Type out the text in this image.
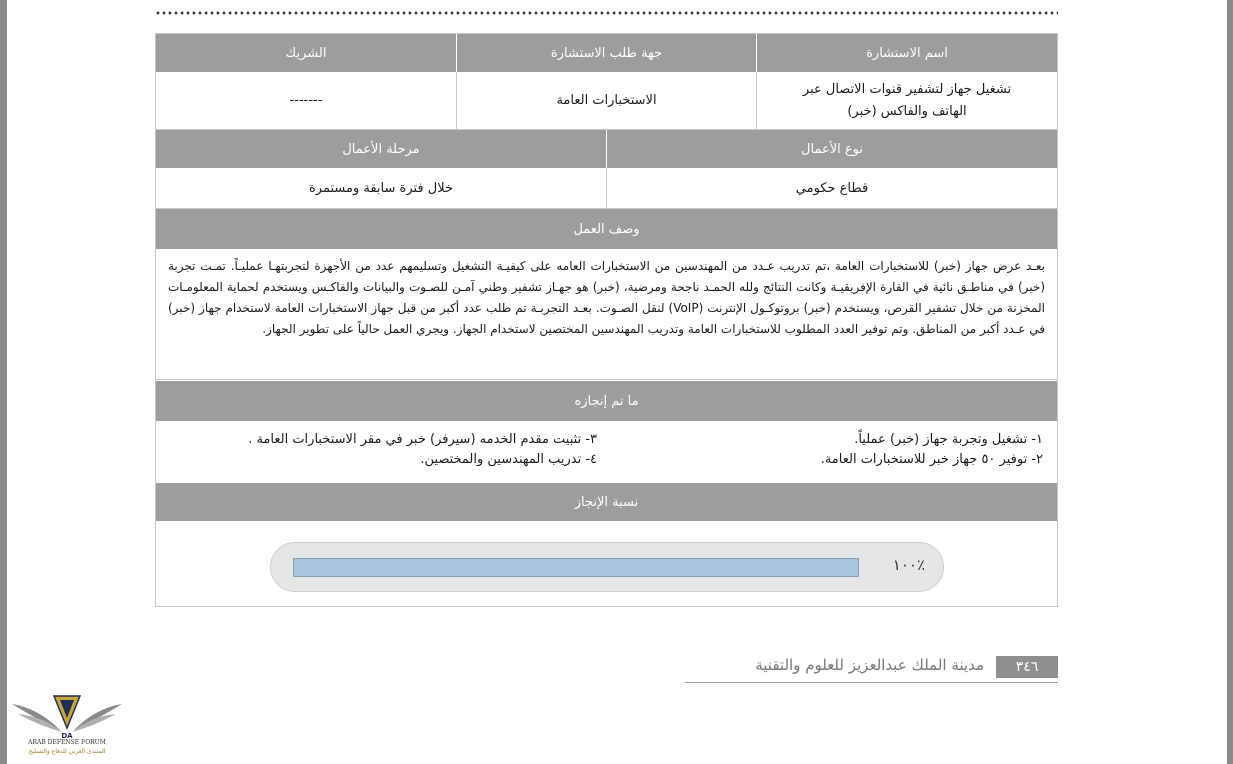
اسم الاستشارة
جهة طلب الاستشارة
الشريك
تشغيل جهاز لتشفير قنوات الاتصال عبر
الهاتف والفاكس (خبر)
الاستخبارات العامة
-------
نوع الأعمال
مرحلة الأعمال
قطاع حكومي
خلال فترة سابقة ومستمرة
وصف العمل
بعـد عرض جهاز (خبر) للاستخبارات العامة ،تم تدريب عـدد من المهندسين من الاستخبارات العامه على كيفيـة التشغيل وتسليمهم عدد من الأجهزة لتجربتهـا عمليـاً. تمـت تجربة (خبر) في مناطـق نائية في القارة الإفريقيـة وكانت النتائج ولله الحمـد ناجحة ومرضية، (خبر) هو جهـاز تشفير وطني آمـن للصـوت والبيانات والفاكـس ويستخدم لحماية المعلومـات المخزنة من خلال تشفير القرص، ويستخدم (خبر) بروتوكـول الإنترنت (VoIP) لنقل الصـوت. بعـد التجربـة تم طلب عدد أكبر من قبل جهاز الاستخبارات العامة لاستخدام جهاز (خبر) في عـدد أكبر من المناطق. وتم توفير العدد المطلوب للاستخبارات العامة وتدريب المهندسين المختصين لاستخدام الجهاز. ويجري العمل حالياً على تطوير الجهاز.
ما تم إنجازه
١- تشغيل وتجربة جهاز (خبر) عملياً.
٢- توفير ٥٠ جهاز خبر للاستخبارات العامة.
٣- تثبيت مقدم الخدمه (سيرفر) خبر في مقر الاستخبارات العامة .
٤- تدريب المهندسين والمختصين.
نسبة الإنجاز
٪١٠٠
٣٤٦
مدينة الملك عبدالعزيز للعلوم والتقنية
DA
ARAB DEFENSE FORUM
المنتدى العربي للدفاع والتسليح
